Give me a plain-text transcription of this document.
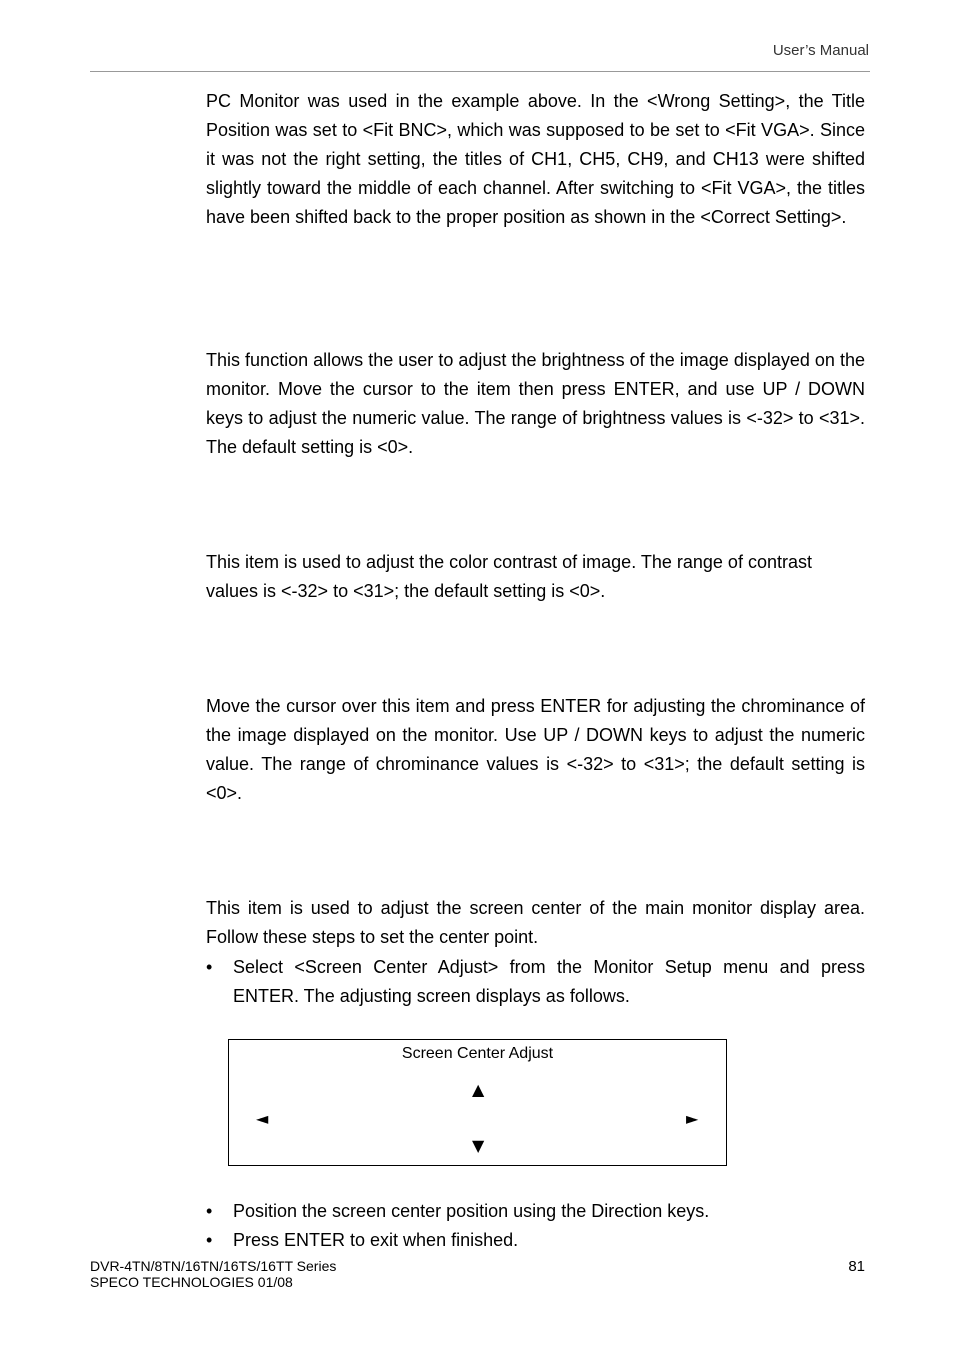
User’s Manual

PC Monitor was used in the example above. In the <Wrong Setting>, the Title Position was set to <Fit BNC>, which was supposed to be set to <Fit VGA>. Since it was not the right setting, the titles of CH1, CH5, CH9, and CH13 were shifted slightly toward the middle of each channel. After switching to <Fit VGA>, the titles have been shifted back to the proper position as shown in the <Correct Setting>.

This function allows the user to adjust the brightness of the image displayed on the monitor. Move the cursor to the item then press ENTER, and use UP / DOWN keys to adjust the numeric value. The range of brightness values is <-32> to <31>. The default setting is <0>.

This item is used to adjust the color contrast of image. The range of contrast values is <-32> to <31>; the default setting is <0>.

Move the cursor over this item and press ENTER for adjusting the chrominance of the image displayed on the monitor. Use UP / DOWN keys to adjust the numeric value. The range of chrominance values is <-32> to <31>; the default setting is <0>.

This item is used to adjust the screen center of the main monitor display area. Follow these steps to set the center point.

•	Select <Screen Center Adjust> from the Monitor Setup menu and press ENTER. The adjusting screen displays as follows.
Screen Center Adjust
▲
◄	►
▼
•	Position the screen center position using the Direction keys.
•	Press ENTER to exit when finished.
DVR-4TN/8TN/16TN/16TS/16TT Series
SPECO TECHNOLOGIES 01/08
81
